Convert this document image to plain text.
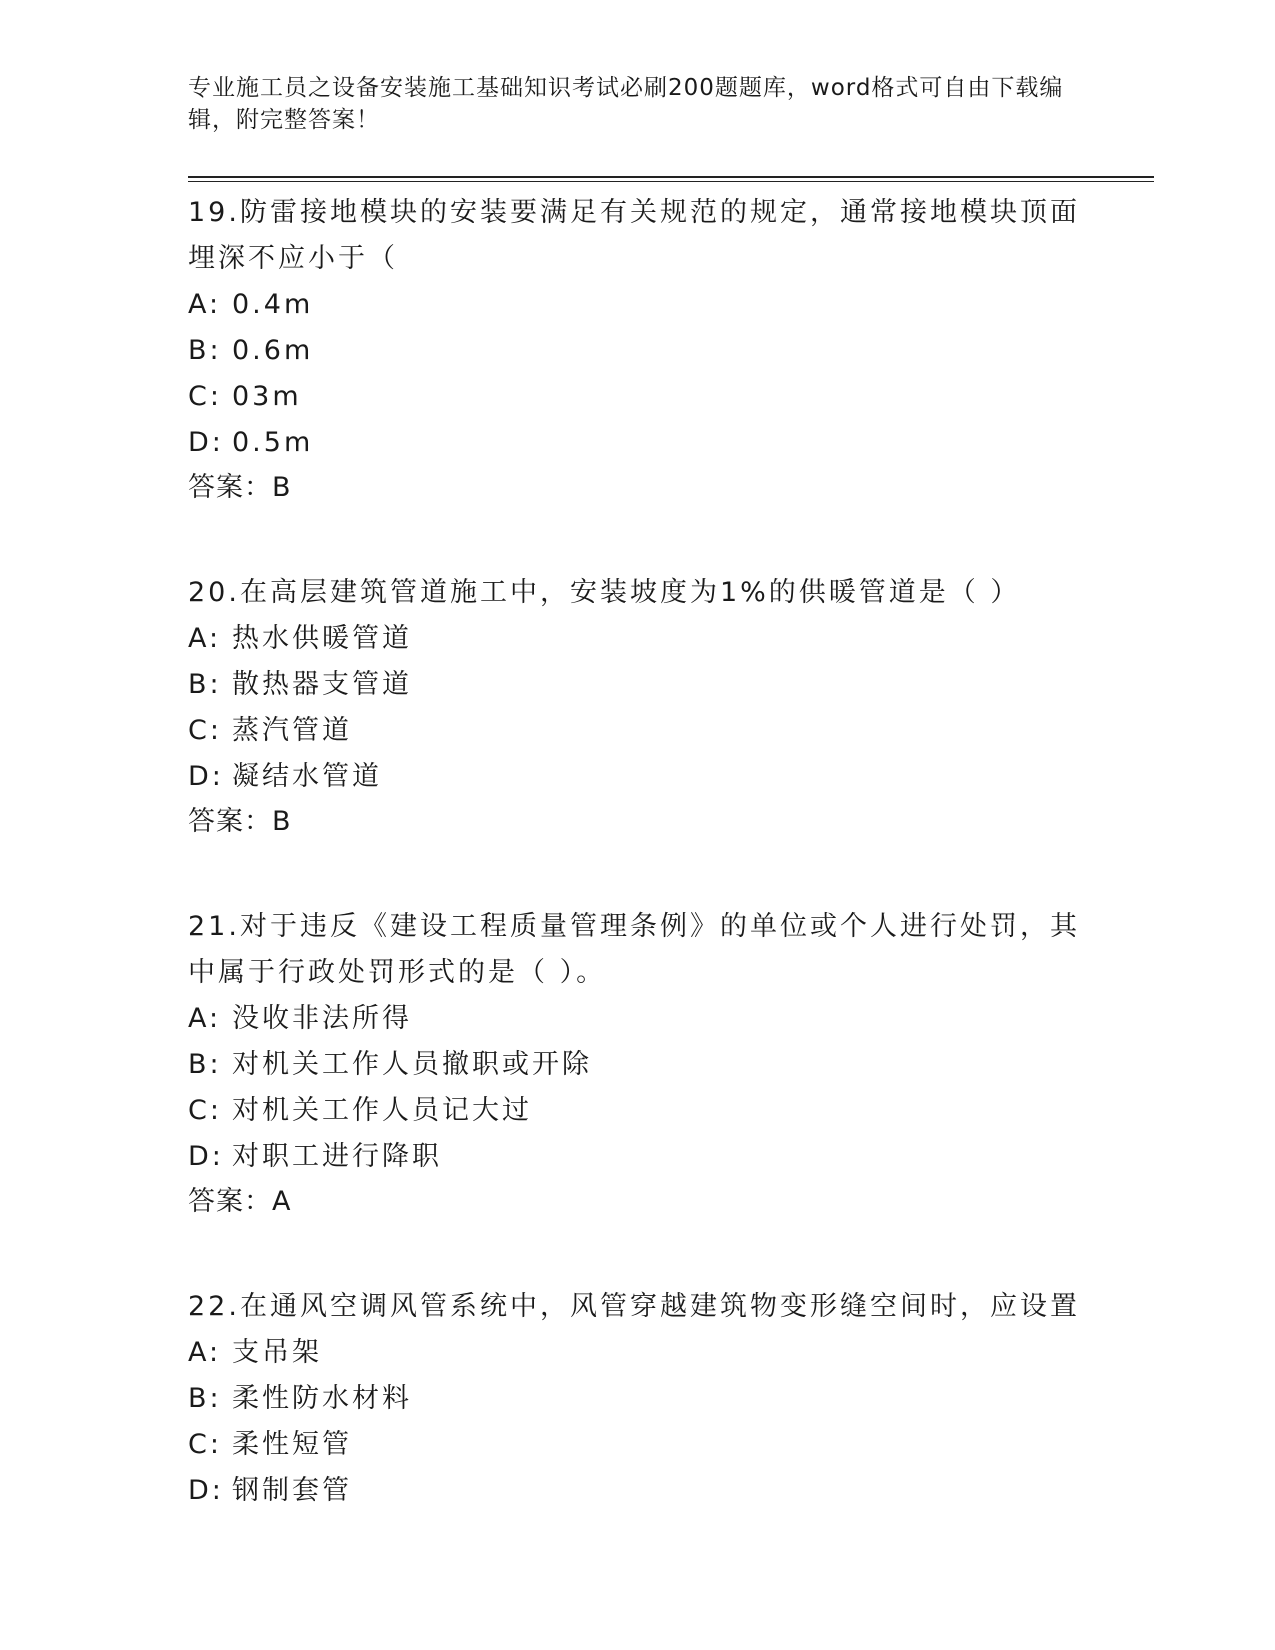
专业施工员之设备安装施工基础知识考试必刷200题题库，word格式可自由下载编辑，附完整答案！
19.防雷接地模块的安装要满足有关规范的规定，通常接地模块顶面埋深不应小于（
A: 0.4m
B: 0.6m
C: 03m
D: 0.5m
答案：B
20.在高层建筑管道施工中，安装坡度为1%的供暖管道是（ ）
A: 热水供暖管道
B: 散热器支管道
C: 蒸汽管道
D: 凝结水管道
答案：B
21.对于违反《建设工程质量管理条例》的单位或个人进行处罚，其中属于行政处罚形式的是（ ）。
A: 没收非法所得
B: 对机关工作人员撤职或开除
C: 对机关工作人员记大过
D: 对职工进行降职
答案：A
22.在通风空调风管系统中，风管穿越建筑物变形缝空间时，应设置
A: 支吊架
B: 柔性防水材料
C: 柔性短管
D: 钢制套管
